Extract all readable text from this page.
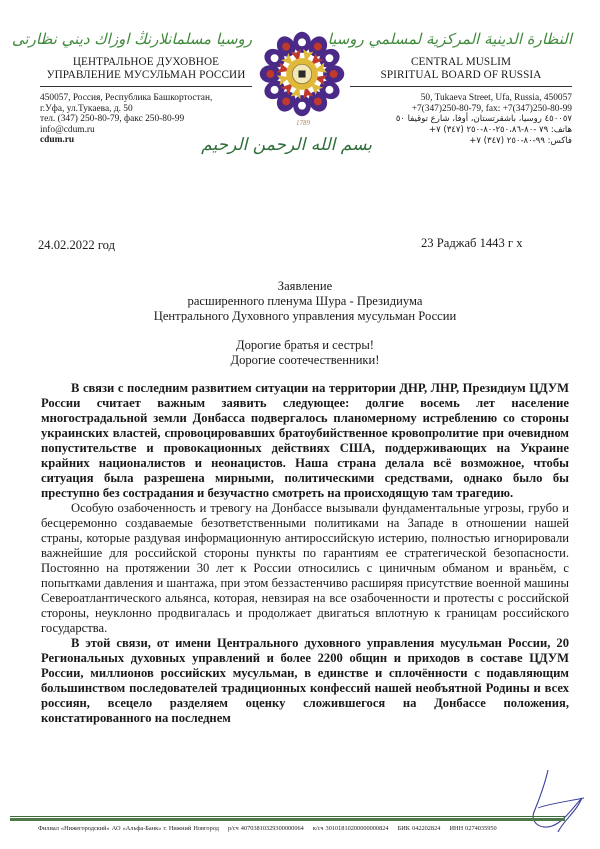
روسيا مسلمانلارنڭ اوزاك ديني نظارتى
ЦЕНТРАЛЬНОЕ ДУХОВНОЕ
УПРАВЛЕНИЕ МУСУЛЬМАН РОССИИ
450057, Россия, Республика Башкортостан,
г.Уфа, ул.Тукаева, д. 50
тел. (347) 250-80-79, факс 250-80-99
info@cdum.ru
cdum.ru
1789
بسم الله الرحمن الرحيم
النظارة الدينية المركزية لمسلمي روسيا
CENTRAL MUSLIM
SPIRITUAL BOARD OF RUSSIA
50, Tukaeva Street, Ufa, Russia, 450057
+7(347)250-80-79, fax: +7(347)250-80-99
٤٥٠٠٥٧ روسيا، باشقرتستان، أوفا، شارع توقيفا ٥٠
هاتف: ٧٩ -٨٠-٢٥٠،٨٦-٨٠-٢٥٠ (٣٤٧) ٧+
فاكس: ٩٩-٨٠-٢٥٠ (٣٤٧) ٧+
24.02.2022 год	23 Раджаб 1443 г х
Заявление
расширенного пленума Шура - Президиума
Центрального Духовного управления мусульман России
Дорогие братья и сестры!
Дорогие соотечественники!

В связи с последним развитием ситуации на территории ДНР, ЛНР, Президиум ЦДУМ России считает важным заявить следующее: долгие восемь лет население многострадальной земли Донбасса подвергалось планомерному истреблению со стороны украинских властей, спровоцировавших братоубийственное кровопролитие при очевидном попустительстве и провокационных действиях США, поддерживающих на Украине крайних националистов и неонацистов. Наша страна делала всё возможное, чтобы ситуация была разрешена мирными, политическими средствами, однако было бы преступно без сострадания и безучастно смотреть на происходящую там трагедию.

Особую озабоченность и тревогу на Донбассе вызывали фундаментальные угрозы, грубо и бесцеремонно создаваемые безответственными политиками на Западе в отношении нашей страны, которые раздувая информационную антироссийскую истерию, полностью игнорировали важнейшие для российской стороны пункты по гарантиям ее стратегической безопасности. Постоянно на протяжении 30 лет к России относились с циничным обманом и враньём, с попытками давления и шантажа, при этом беззастенчиво расширяя присутствие военной машины Североатлантического альянса, которая, невзирая на все озабоченности и протесты с российской стороны, неуклонно продвигалась и продолжает двигаться вплотную к границам российского государства.

В этой связи, от имени Центрального духовного управления мусульман России, 20 Региональных духовных управлений и более 2200 общин и приходов в составе ЦДУМ России, миллионов российских мусульман, в единстве и сплочённости с подавляющим большинством последователей традиционных конфессий нашей необъятной Родины и всех россиян, всецело разделяем оценку сложившегося на Донбассе положения, констатированного на последнем

Филиал «Нижегородский» АО «Альфа-Банк» г. Нижний Новгород р/сч 40703810329300000064 к/сч 30101810200000000824 БИК 042202824 ИНН 0274035950
